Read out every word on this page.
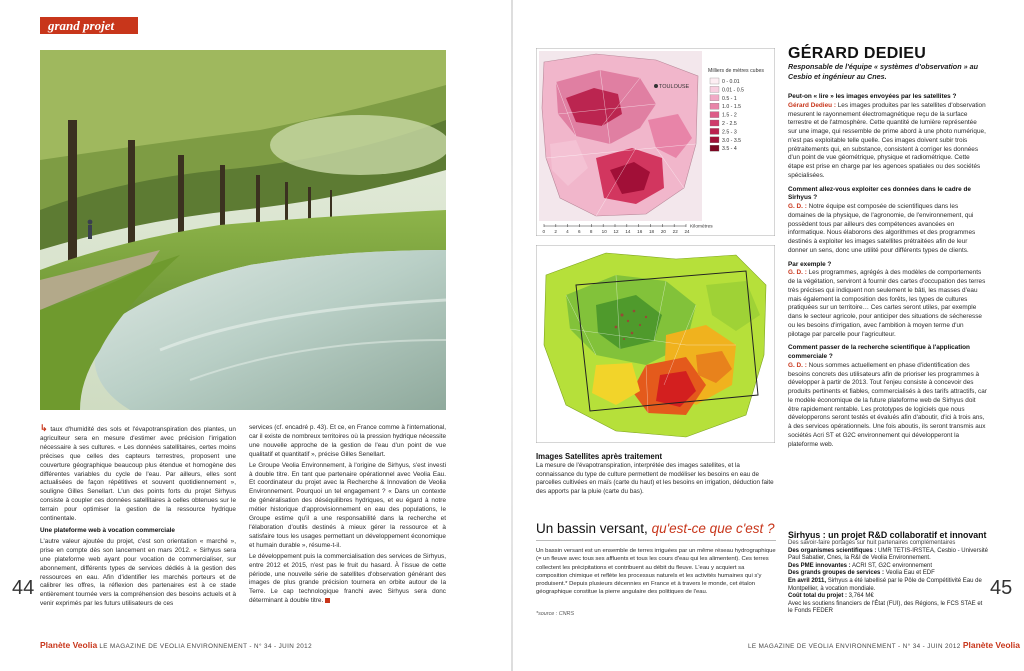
grand projet

↳ taux d'humidité des sols et l'évapotranspiration des plantes, un agriculteur sera en mesure d'estimer avec précision l'irrigation nécessaire à ses cultures. « Les données satellitaires, certes moins précises que celles des capteurs terrestres, proposent une couverture géographique beaucoup plus étendue et homogène des différentes variables du cycle de l'eau. Par ailleurs, elles sont actualisées de façon répétitives et souvent quotidiennement », souligne Gilles Senellart. L'un des points forts du projet Sirhyus consiste à coupler ces données satellitaires à celles obtenues sur le terrain pour optimiser la gestion de la ressource hydrique continentale.

Une plateforme web à vocation commerciale

L'autre valeur ajoutée du projet, c'est son orientation « marché », prise en compte dès son lancement en mars 2012. « Sirhyus sera une plateforme web ayant pour vocation de commercialiser, sur abonnement, différents types de services dédiés à la gestion des ressources en eau. Afin d'identifier les marchés porteurs et de calibrer les offres, la réflexion des partenaires est à ce stade entièrement tournée vers la compréhension des besoins actuels et à venir exprimés par les futurs utilisateurs de ces

services (cf. encadré p. 43). Et ce, en France comme à l'international, car il existe de nombreux territoires où la pression hydrique nécessite une nouvelle approche de la gestion de l'eau d'un point de vue qualitatif et quantitatif », précise Gilles Senellart.

Le Groupe Veolia Environnement, à l'origine de Sirhyus, s'est investi à double titre. En tant que partenaire opérationnel avec Veolia Eau. Et coordinateur du projet avec la Recherche & Innovation de Veolia Environnement. Pourquoi un tel engagement ? « Dans un contexte de généralisation des déséquilibres hydriques, et eu égard à notre métier historique d'approvisionnement en eau des populations, le Groupe estime qu'il a une responsabilité dans la recherche et l'élaboration d'outils destinés à mieux gérer la ressource et à satisfaire tous les usages permettant un développement économique et humain durable », résume-t-il.

Le développement puis la commercialisation des services de Sirhyus, entre 2012 et 2015, n'est pas le fruit du hasard. À l'issue de cette période, une nouvelle série de satellites d'observation générant des images de plus grande précision tournera en orbite autour de la Terre. Le cap technologique franchi avec Sirhyus sera donc déterminant à double titre.

44
Planète Veolia LE MAGAZINE DE VEOLIA ENVIRONNEMENT - N° 34 - JUIN 2012
TOULOUSE
Milliers de mètres cubes
0 - 0.01
0.01 - 0.5
0.5 - 1
1.0 - 1.5
1.5 - 2
2 - 2.5
2.5 - 3
3.0 - 3.5
3.5 - 4
0 2 4 6 8 10 12 14 16 18 20 22 24
Kilomètres
Images Satellites après traitement
La mesure de l'évapotranspiration, interprétée des images satellites, et la connaissance du type de culture permettent de modéliser les besoins en eau de parcelles cultivées en maïs (carte du haut) et les besoins en irrigation, déduction faite des apports par la pluie (carte du bas).
Un bassin versant, qu'est-ce que c'est ?
Un bassin versant est un ensemble de terres irriguées par un même réseau hydrographique (= un fleuve avec tous ses affluents et tous les cours d'eau qui les alimentent). Ces terres collectent les précipitations et contribuent au débit du fleuve. L'eau y acquiert sa composition chimique et reflète les processus naturels et les activités humaines qui s'y produisent.* Depuis plusieurs décennies en France et à travers le monde, cet étalon géographique constitue la pierre angulaire des politiques de l'eau.
*source : CNRS
GÉRARD DEDIEU
Responsable de l'équipe « systèmes d'observation » au Cesbio et ingénieur au Cnes.

Peut-on « lire » les images envoyées par les satellites ?

Gérard Dedieu : Les images produites par les satellites d'observation mesurent le rayonnement électromagnétique reçu de la surface terrestre et de l'atmosphère. Cette quantité de lumière représentée sur une image, qui ressemble de prime abord à une photo numérique, n'est pas exploitable telle quelle. Ces images doivent subir trois prétraitements qui, en substance, consistent à corriger les données d'un point de vue géométrique, physique et radiométrique. Cette étape est prise en charge par les agences spatiales ou des sociétés spécialisées.

Comment allez-vous exploiter ces données dans le cadre de Sirhyus ?

G. D. : Notre équipe est composée de scientifiques dans les domaines de la physique, de l'agronomie, de l'environnement, qui possèdent tous par ailleurs des compétences avancées en informatique. Nous élaborons des algorithmes et des programmes destinés à exploiter les images satellites prétraitées afin de leur donner un sens, donc une utilité pour différents types de clients.

Par exemple ?

G. D. : Les programmes, agrégés à des modèles de comportements de la végétation, serviront à fournir des cartes d'occupation des terres très précises qui indiquent non seulement le bâti, les masses d'eau mais également la composition des forêts, les types de cultures pratiquées sur un territoire… Ces cartes seront utiles, par exemple dans le secteur agricole, pour anticiper des situations de sécheresse ou les besoins d'irrigation, avec l'ambition à moyen terme d'un pilotage par parcelle pour l'agriculteur.

Comment passer de la recherche scientifique à l'application commerciale ?

G. D. : Nous sommes actuellement en phase d'identification des besoins concrets des utilisateurs afin de prioriser les programmes à développer à partir de 2013. Tout l'enjeu consiste à concevoir des produits pertinents et fiables, commercialisés à des tarifs attractifs, car le modèle économique de la future plateforme web de Sirhyus doit être rapidement rentable. Les prototypes de logiciels que nous développerons seront testés et évalués afin d'aboutir, d'ici à trois ans, à des services opérationnels. Une fois aboutis, ils seront transmis aux sociétés Acri ST et G2C environnement qui développeront la plateforme web.

Sirhyus : un projet R&D collaboratif et innovant
Des savoir-faire portagés sur huit partenaires complémentaires

Des organismes scientifiques : UMR TETIS-IRSTEA, Cesbio - Université Paul Sabatier, Cnes, la R&I de Veolia Environnement.

Des PME innovantes : ACRI ST, G2C environnement

Des grands groupes de services : Veolia Eau et EDF

En avril 2011, Sirhyus a été labellisé par le Pôle de Compétitivité Eau de Montpellier, à vocation mondiale.

Coût total du projet : 3,764 M€

Avec les soutiens financiers de l'État (FUI), des Régions, le FCS STAE et le Fonds FEDER

45
LE MAGAZINE DE VEOLIA ENVIRONNEMENT - N° 34 - JUIN 2012 Planète Veolia
